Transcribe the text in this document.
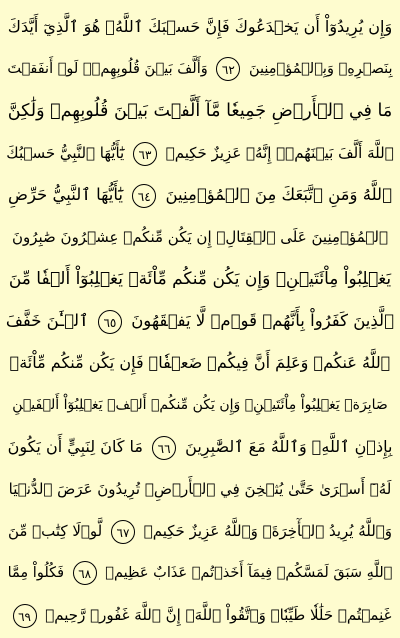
وَإِن يُرِيدُوٓاْ أَن يَخۡدَعُوكَ فَإِنَّ حَسۡبَكَ ٱللَّهُۚ هُوَ ٱلَّذِيٓ أَيَّدَكَ
بِنَصۡرِهِۦ وَبِٱلۡمُؤۡمِنِينَ ٦٢ وَأَلَّفَ بَيۡنَ قُلُوبِهِمۡۚ لَوۡ أَنفَقۡتَ
مَا فِي ٱلۡأَرۡضِ جَمِيعٗا مَّآ أَلَّفۡتَ بَيۡنَ قُلُوبِهِمۡ وَلَٰكِنَّ
ٱللَّهَ أَلَّفَ بَيۡنَهُمۡۚ إِنَّهُۥ عَزِيزٌ حَكِيمٞ ٦٣ يَٰٓأَيُّهَا ٱلنَّبِيُّ حَسۡبُكَ
ٱللَّهُ وَمَنِ ٱتَّبَعَكَ مِنَ ٱلۡمُؤۡمِنِينَ ٦٤ يَٰٓأَيُّهَا ٱلنَّبِيُّ حَرِّضِ
ٱلۡمُؤۡمِنِينَ عَلَى ٱلۡقِتَالِۚ إِن يَكُن مِّنكُمۡ عِشۡرُونَ صَٰبِرُونَ
يَغۡلِبُواْ مِاْئَتَيۡنِۚ وَإِن يَكُن مِّنكُم مِّاْئَةٞ يَغۡلِبُوٓاْ أَلۡفٗا مِّنَ
ٱلَّذِينَ كَفَرُواْ بِأَنَّهُمۡ قَوۡمٞ لَّا يَفۡقَهُونَ ٦٥ ٱلۡـَٰٔنَ خَفَّفَ
ٱللَّهُ عَنكُمۡ وَعَلِمَ أَنَّ فِيكُمۡ ضَعۡفٗاۚ فَإِن يَكُن مِّنكُم مِّاْئَةٞ
صَابِرَةٞ يَغۡلِبُواْ مِاْئَتَيۡنِۚ وَإِن يَكُن مِّنكُمۡ أَلۡفٞ يَغۡلِبُوٓاْ أَلۡفَيۡنِ
بِإِذۡنِ ٱللَّهِۗ وَٱللَّهُ مَعَ ٱلصَّٰبِرِينَ ٦٦ مَا كَانَ لِنَبِيٍّ أَن يَكُونَ
لَهُۥٓ أَسۡرَىٰ حَتَّىٰ يُثۡخِنَ فِي ٱلۡأَرۡضِۚ تُرِيدُونَ عَرَضَ ٱلدُّنۡيَا
وَٱللَّهُ يُرِيدُ ٱلۡأٓخِرَةَۗ وَٱللَّهُ عَزِيزٌ حَكِيمٞ ٦٧ لَّوۡلَا كِتَٰبٞ مِّنَ
ٱللَّهِ سَبَقَ لَمَسَّكُمۡ فِيمَآ أَخَذۡتُمۡ عَذَابٌ عَظِيمٞ ٦٨ فَكُلُواْ مِمَّا
غَنِمۡتُمۡ حَلَٰلٗا طَيِّبٗاۚ وَٱتَّقُواْ ٱللَّهَۚ إِنَّ ٱللَّهَ غَفُورٞ رَّحِيمٞ ٦٩
